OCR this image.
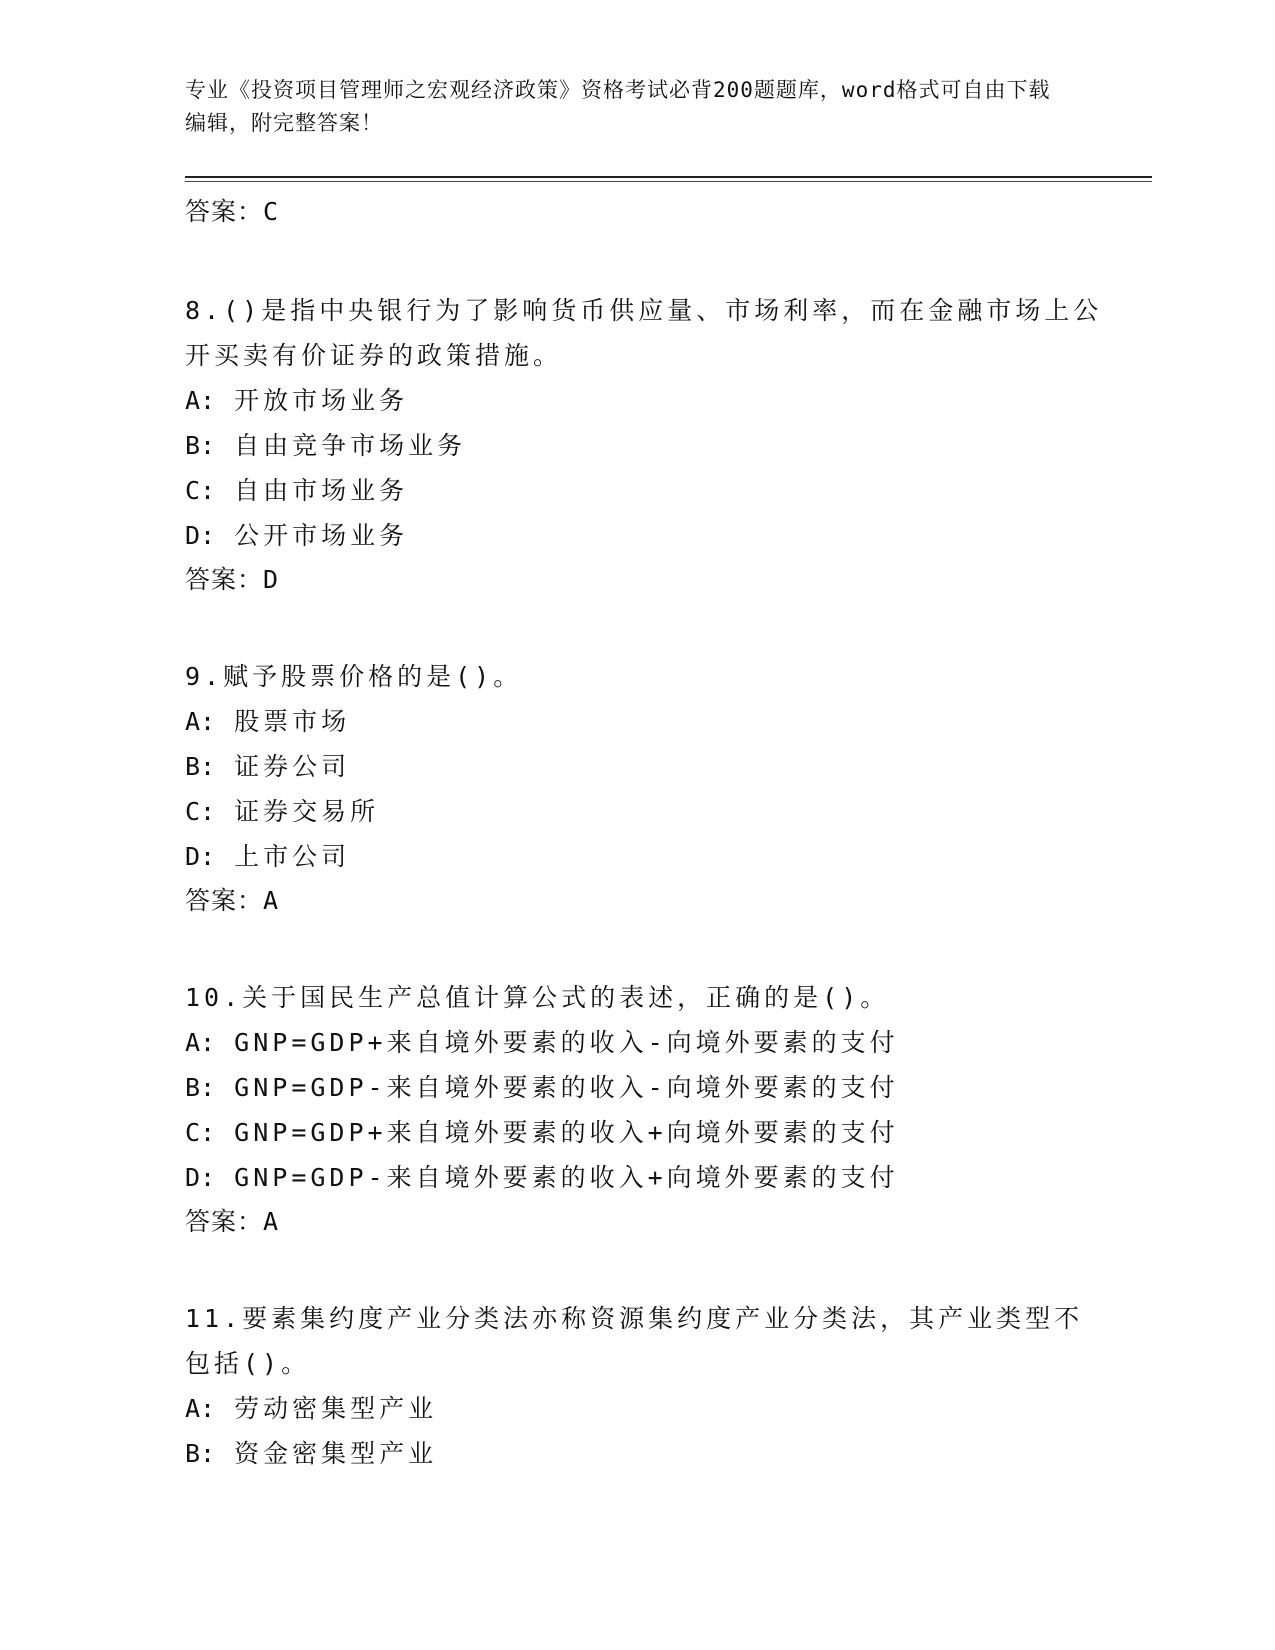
专业《投资项目管理师之宏观经济政策》资格考试必背200题题库，word格式可自由下载编辑，附完整答案！
答案：C

8.()是指中央银行为了影响货币供应量、市场利率，而在金融市场上公开买卖有价证券的政策措施。

A: 开放市场业务

B: 自由竞争市场业务

C: 自由市场业务

D: 公开市场业务

答案：D

9.赋予股票价格的是()。

A: 股票市场

B: 证券公司

C: 证券交易所

D: 上市公司

答案：A

10.关于国民生产总值计算公式的表述，正确的是()。

A: GNP=GDP+来自境外要素的收入-向境外要素的支付

B: GNP=GDP-来自境外要素的收入-向境外要素的支付

C: GNP=GDP+来自境外要素的收入+向境外要素的支付

D: GNP=GDP-来自境外要素的收入+向境外要素的支付

答案：A

11.要素集约度产业分类法亦称资源集约度产业分类法，其产业类型不包括()。

A: 劳动密集型产业

B: 资金密集型产业
